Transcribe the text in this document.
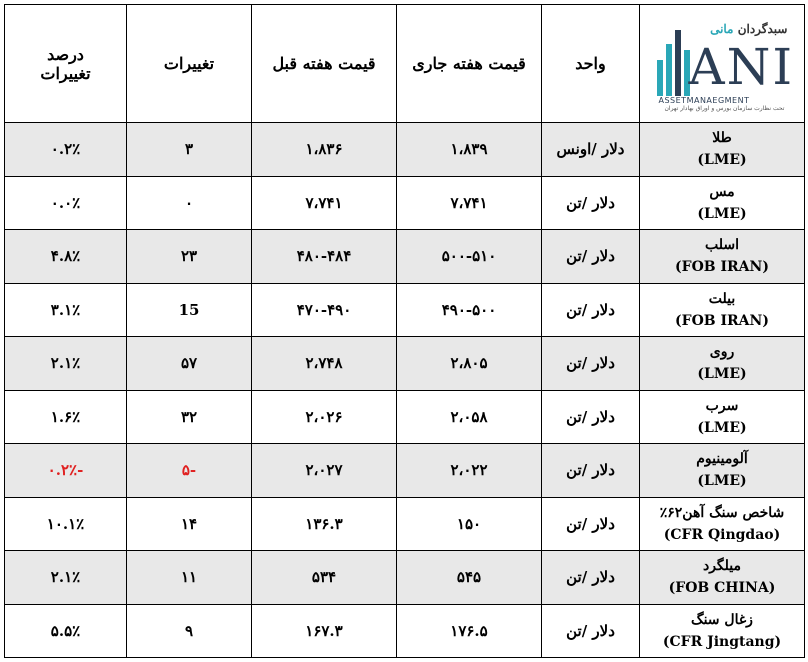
سبدگردان مانی
ANI
ASSETMANAEGMENT
تحت نظارت سازمان بورس و اوراق بهادار تهران	واحد	قیمت هفته جاری	قیمت هفته قبل	تغییرات	درصد تغییرات
طلا
(LME)	دلار /اونس	۱،۸۳۹	۱،۸۳۶	۳	۰.۲٪
مس
(LME)	دلار /تن	۷،۷۴۱	۷،۷۴۱	۰	۰.۰٪
اسلب
(FOB IRAN)	دلار /تن	۵۰۰-۵۱۰	۴۸۰-۴۸۴	۲۳	۴.۸٪
بیلت
(FOB IRAN)	دلار /تن	۴۹۰-۵۰۰	۴۷۰-۴۹۰	15	۳.۱٪
روی
(LME)	دلار /تن	۲،۸۰۵	۲،۷۴۸	۵۷	۲.۱٪
سرب
(LME)	دلار /تن	۲،۰۵۸	۲،۰۲۶	۳۲	۱.۶٪
آلومینیوم
(LME)	دلار /تن	۲،۰۲۲	۲،۰۲۷	-۵	-۰.۲٪
شاخص سنگ آهن۶۲٪
(CFR Qingdao)	دلار /تن	۱۵۰	۱۳۶.۳	۱۴	۱۰.۱٪
میلگرد
(FOB CHINA)	دلار /تن	۵۴۵	۵۳۴	۱۱	۲.۱٪
زغال سنگ
(CFR Jingtang)	دلار /تن	۱۷۶.۵	۱۶۷.۳	۹	۵.۵٪
